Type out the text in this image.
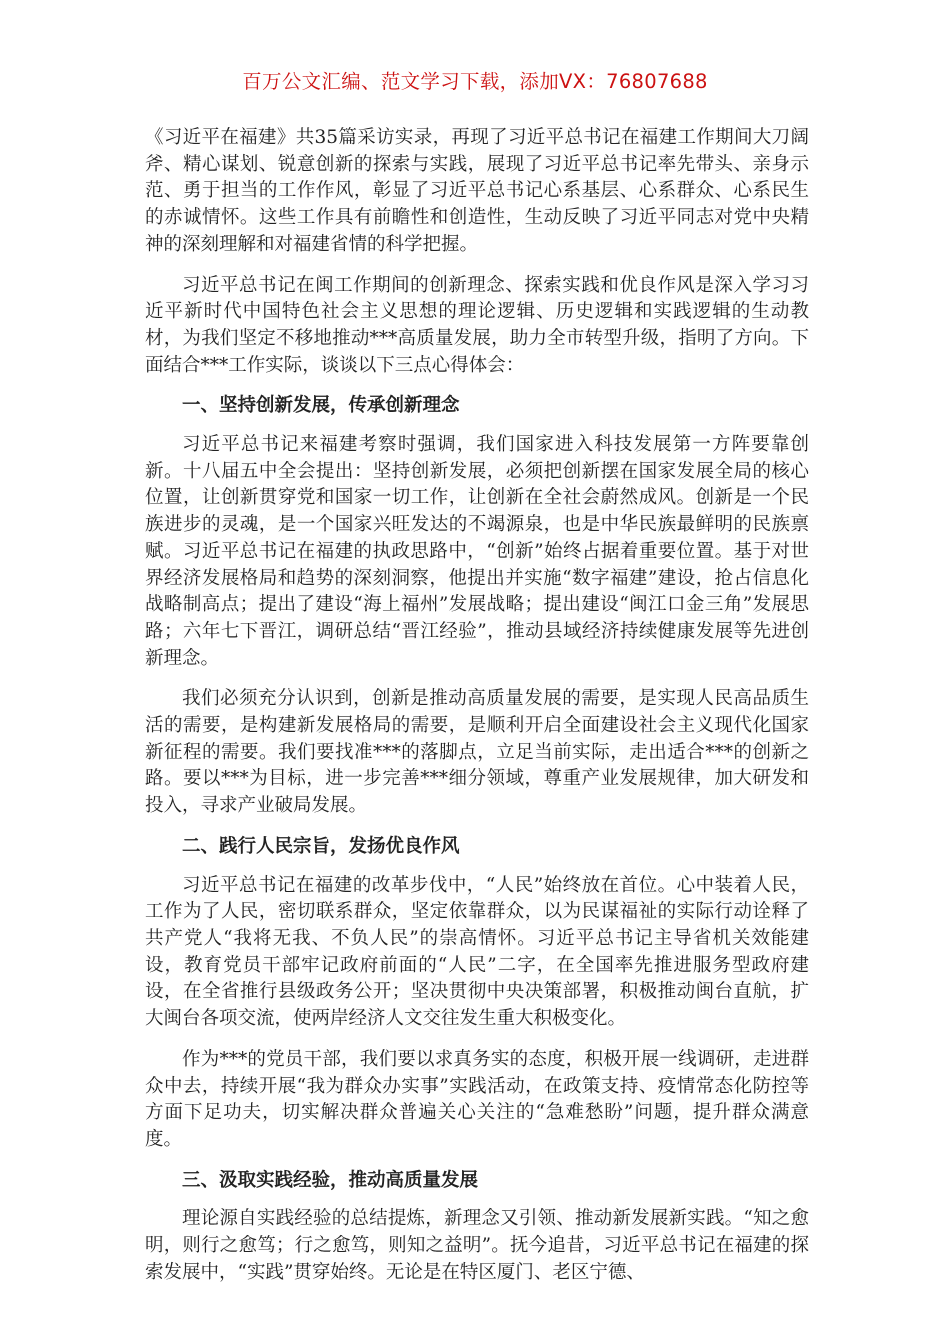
百万公文汇编、范文学习下载，添加VX：76807688

《习近平在福建》共35篇采访实录，再现了习近平总书记在福建工作期间大刀阔斧、精心谋划、锐意创新的探索与实践，展现了习近平总书记率先带头、亲身示范、勇于担当的工作作风，彰显了习近平总书记心系基层、心系群众、心系民生的赤诚情怀。这些工作具有前瞻性和创造性，生动反映了习近平同志对党中央精神的深刻理解和对福建省情的科学把握。

习近平总书记在闽工作期间的创新理念、探索实践和优良作风是深入学习习近平新时代中国特色社会主义思想的理论逻辑、历史逻辑和实践逻辑的生动教材，为我们坚定不移地推动***高质量发展，助力全市转型升级，指明了方向。下面结合***工作实际，谈谈以下三点心得体会：

一、坚持创新发展，传承创新理念

习近平总书记来福建考察时强调，我们国家进入科技发展第一方阵要靠创新。十八届五中全会提出：坚持创新发展，必须把创新摆在国家发展全局的核心位置，让创新贯穿党和国家一切工作，让创新在全社会蔚然成风。创新是一个民族进步的灵魂，是一个国家兴旺发达的不竭源泉，也是中华民族最鲜明的民族禀赋。习近平总书记在福建的执政思路中，“创新”始终占据着重要位置。基于对世界经济发展格局和趋势的深刻洞察，他提出并实施“数字福建”建设，抢占信息化战略制高点；提出了建设“海上福州”发展战略；提出建设“闽江口金三角”发展思路；六年七下晋江，调研总结“晋江经验”，推动县域经济持续健康发展等先进创新理念。

我们必须充分认识到，创新是推动高质量发展的需要，是实现人民高品质生活的需要，是构建新发展格局的需要，是顺利开启全面建设社会主义现代化国家新征程的需要。我们要找准***的落脚点，立足当前实际，走出适合***的创新之路。要以***为目标，进一步完善***细分领域，尊重产业发展规律，加大研发和投入，寻求产业破局发展。

二、践行人民宗旨，发扬优良作风

习近平总书记在福建的改革步伐中，“人民”始终放在首位。心中装着人民，工作为了人民，密切联系群众，坚定依靠群众，以为民谋福祉的实际行动诠释了共产党人“我将无我、不负人民”的崇高情怀。习近平总书记主导省机关效能建设，教育党员干部牢记政府前面的“人民”二字，在全国率先推进服务型政府建设，在全省推行县级政务公开；坚决贯彻中央决策部署，积极推动闽台直航，扩大闽台各项交流，使两岸经济人文交往发生重大积极变化。

作为***的党员干部，我们要以求真务实的态度，积极开展一线调研，走进群众中去，持续开展“我为群众办实事”实践活动，在政策支持、疫情常态化防控等方面下足功夫，切实解决群众普遍关心关注的“急难愁盼”问题，提升群众满意度。

三、汲取实践经验，推动高质量发展

理论源自实践经验的总结提炼，新理念又引领、推动新发展新实践。“知之愈明，则行之愈笃；行之愈笃，则知之益明”。抚今追昔，习近平总书记在福建的探索发展中，“实践”贯穿始终。无论是在特区厦门、老区宁德、
